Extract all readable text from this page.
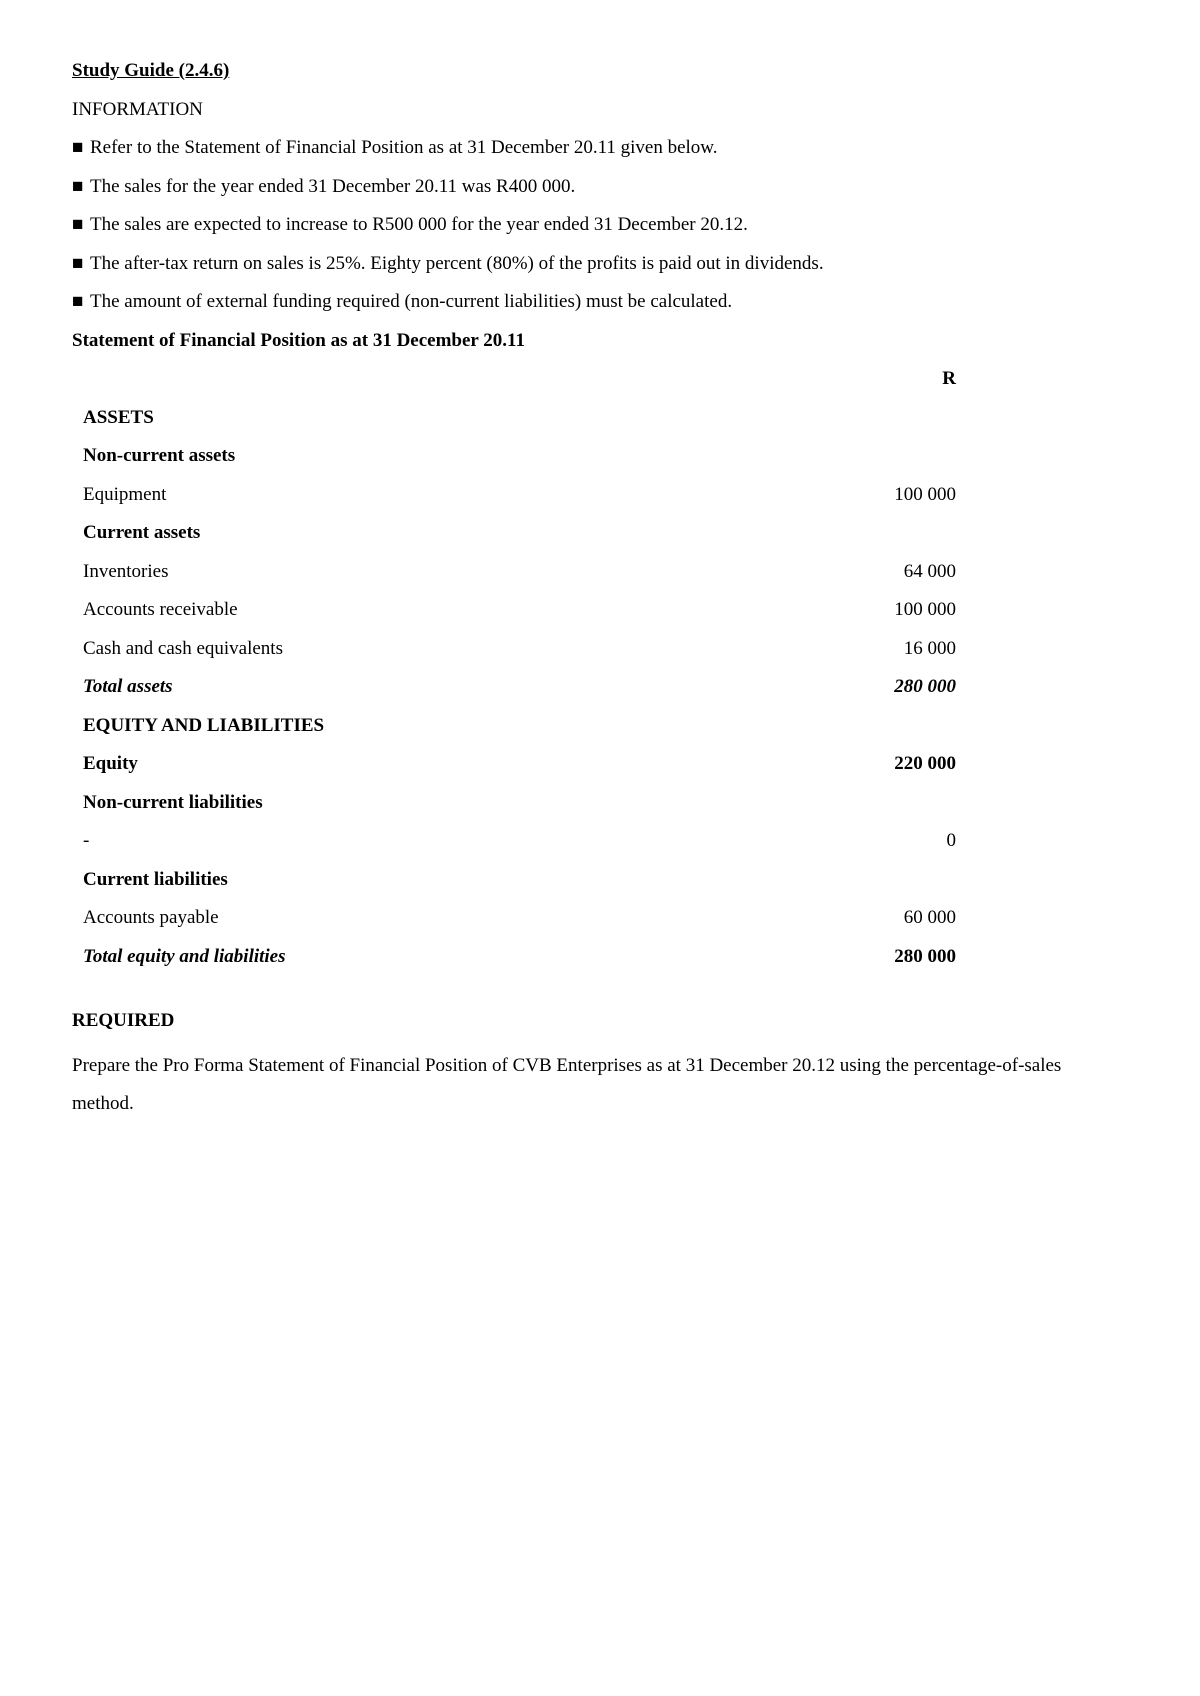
Study Guide (2.4.6)
INFORMATION
■ Refer to the Statement of Financial Position as at 31 December 20.11 given below.
■ The sales for the year ended 31 December 20.11 was R400 000.
■ The sales are expected to increase to R500 000 for the year ended 31 December 20.12.
■ The after-tax return on sales is 25%. Eighty percent (80%) of the profits is paid out in dividends.
■ The amount of external funding required (non-current liabilities) must be calculated.
Statement of Financial Position as at 31 December 20.11
R
ASSETS
Non-current assets
Equipment	100 000
Current assets
Inventories	64 000
Accounts receivable	100 000
Cash and cash equivalents	16 000
Total assets	280 000
EQUITY AND LIABILITIES
Equity	220 000
Non-current liabilities
-	0
Current liabilities
Accounts payable	60 000
Total equity and liabilities	280 000
REQUIRED
Prepare the Pro Forma Statement of Financial Position of CVB Enterprises as at 31 December 20.12 using the percentage-of-sales method.
